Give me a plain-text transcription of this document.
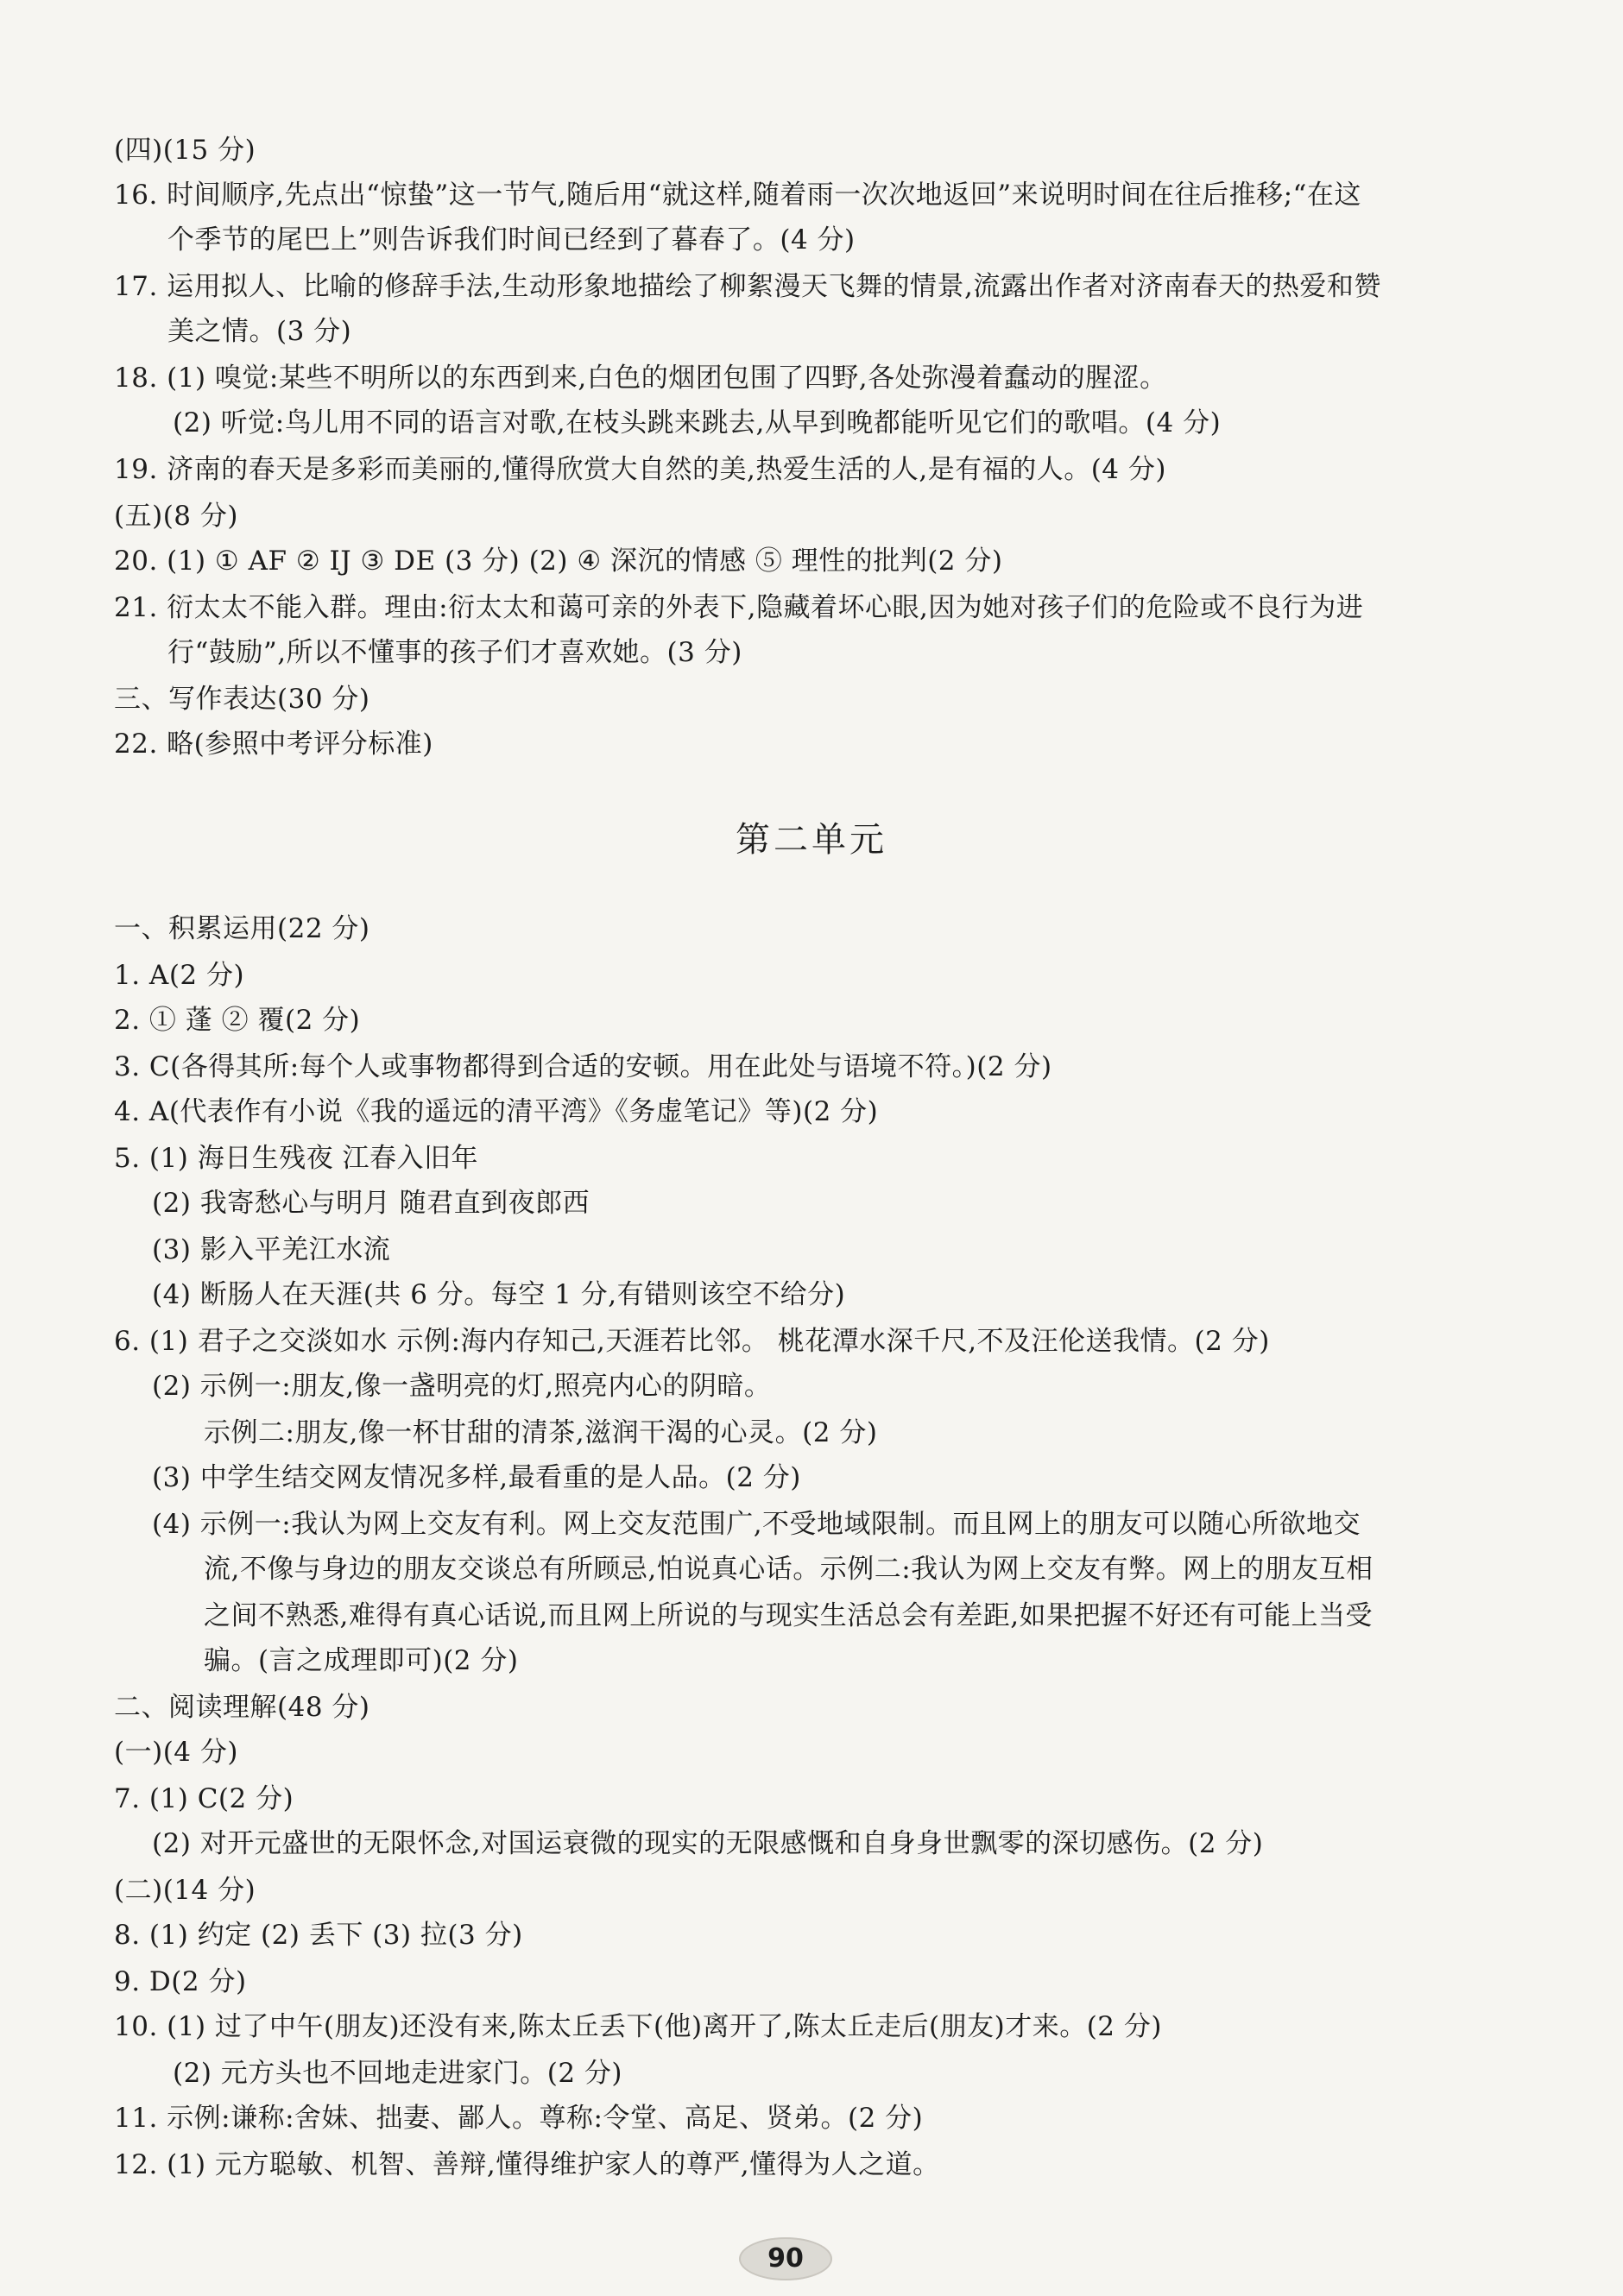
(四)(15 分)
16. 时间顺序,先点出“惊蛰”这一节气,随后用“就这样,随着雨一次次地返回”来说明时间在往后推移;“在这
个季节的尾巴上”则告诉我们时间已经到了暮春了。(4 分)
17. 运用拟人、比喻的修辞手法,生动形象地描绘了柳絮漫天飞舞的情景,流露出作者对济南春天的热爱和赞
美之情。(3 分)
18. (1) 嗅觉:某些不明所以的东西到来,白色的烟团包围了四野,各处弥漫着蠢动的腥涩。
(2) 听觉:鸟儿用不同的语言对歌,在枝头跳来跳去,从早到晚都能听见它们的歌唱。(4 分)
19. 济南的春天是多彩而美丽的,懂得欣赏大自然的美,热爱生活的人,是有福的人。(4 分)
(五)(8 分)
20. (1) ① AF ② IJ ③ DE (3 分) (2) ④ 深沉的情感 ⑤ 理性的批判(2 分)
21. 衍太太不能入群。理由:衍太太和蔼可亲的外表下,隐藏着坏心眼,因为她对孩子们的危险或不良行为进
行“鼓励”,所以不懂事的孩子们才喜欢她。(3 分)
三、写作表达(30 分)
22. 略(参照中考评分标准)
第二单元
一、积累运用(22 分)
1. A(2 分)
2. ① 蓬 ② 覆(2 分)
3. C(各得其所:每个人或事物都得到合适的安顿。用在此处与语境不符。)(2 分)
4. A(代表作有小说《我的遥远的清平湾》《务虚笔记》等)(2 分)
5. (1) 海日生残夜 江春入旧年
(2) 我寄愁心与明月 随君直到夜郎西
(3) 影入平羌江水流
(4) 断肠人在天涯(共 6 分。每空 1 分,有错则该空不给分)
6. (1) 君子之交淡如水 示例:海内存知己,天涯若比邻。 桃花潭水深千尺,不及汪伦送我情。(2 分)
(2) 示例一:朋友,像一盏明亮的灯,照亮内心的阴暗。
示例二:朋友,像一杯甘甜的清茶,滋润干渴的心灵。(2 分)
(3) 中学生结交网友情况多样,最看重的是人品。(2 分)
(4) 示例一:我认为网上交友有利。网上交友范围广,不受地域限制。而且网上的朋友可以随心所欲地交
流,不像与身边的朋友交谈总有所顾忌,怕说真心话。示例二:我认为网上交友有弊。网上的朋友互相
之间不熟悉,难得有真心话说,而且网上所说的与现实生活总会有差距,如果把握不好还有可能上当受
骗。(言之成理即可)(2 分)
二、阅读理解(48 分)
(一)(4 分)
7. (1) C(2 分)
(2) 对开元盛世的无限怀念,对国运衰微的现实的无限感慨和自身身世飘零的深切感伤。(2 分)
(二)(14 分)
8. (1) 约定 (2) 丢下 (3) 拉(3 分)
9. D(2 分)
10. (1) 过了中午(朋友)还没有来,陈太丘丢下(他)离开了,陈太丘走后(朋友)才来。(2 分)
(2) 元方头也不回地走进家门。(2 分)
11. 示例:谦称:舍妹、拙妻、鄙人。尊称:令堂、高足、贤弟。(2 分)
12. (1) 元方聪敏、机智、善辩,懂得维护家人的尊严,懂得为人之道。
90
